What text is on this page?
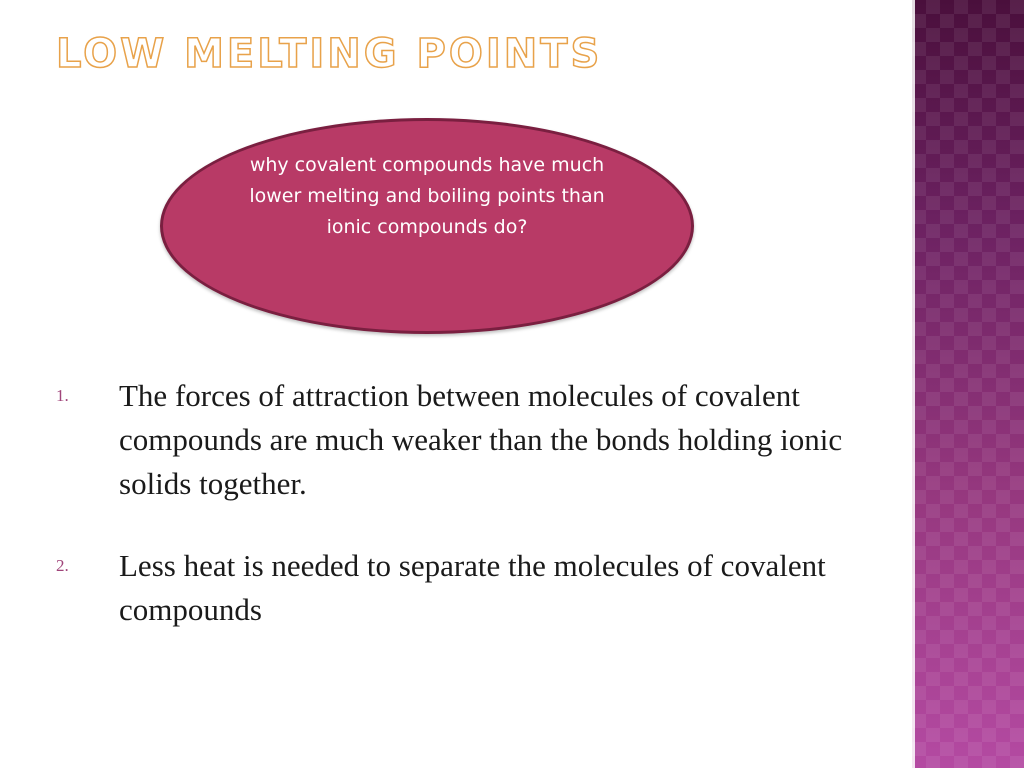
LOW MELTING POINTS
why covalent compounds have much lower melting and boiling points than ionic compounds do?
1. The forces of attraction between molecules of covalent compounds are much weaker than the bonds holding ionic solids together.
2. Less heat is needed to separate the molecules of covalent compounds
